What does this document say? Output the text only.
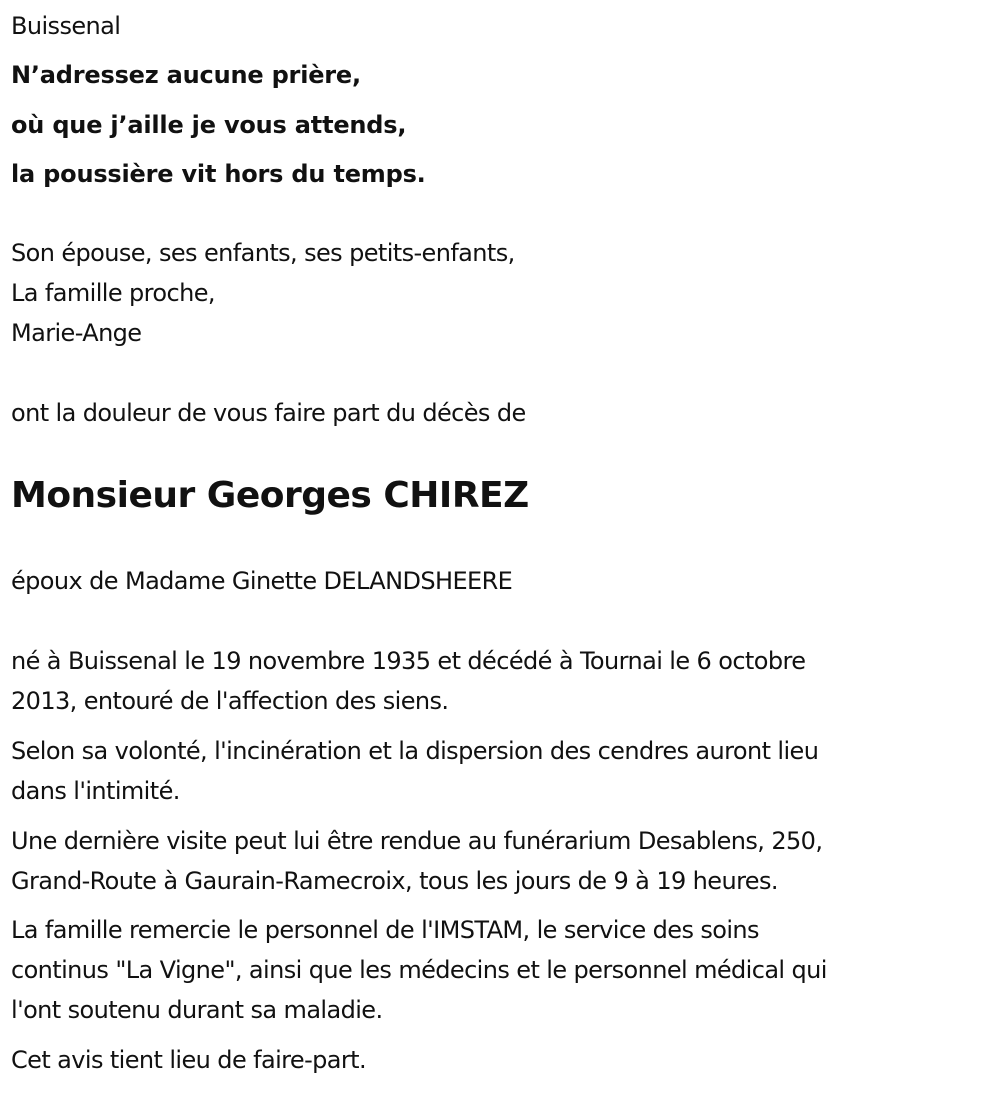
Buissenal
N’adressez aucune prière,
où que j’aille je vous attends,
la poussière vit hors du temps.
Son épouse, ses enfants, ses petits-enfants,
La famille proche,
Marie-Ange
ont la douleur de vous faire part du décès de
Monsieur Georges CHIREZ
époux de Madame Ginette DELANDSHEERE
né à Buissenal le 19 novembre 1935 et décédé à Tournai le 6 octobre
2013, entouré de l'affection des siens.
Selon sa volonté, l'incinération et la dispersion des cendres auront lieu
dans l'intimité.
Une dernière visite peut lui être rendue au funérarium Desablens, 250,
Grand-Route à Gaurain-Ramecroix, tous les jours de 9 à 19 heures.
La famille remercie le personnel de l'IMSTAM, le service des soins
continus "La Vigne", ainsi que les médecins et le personnel médical qui
l'ont soutenu durant sa maladie.
Cet avis tient lieu de faire-part.
